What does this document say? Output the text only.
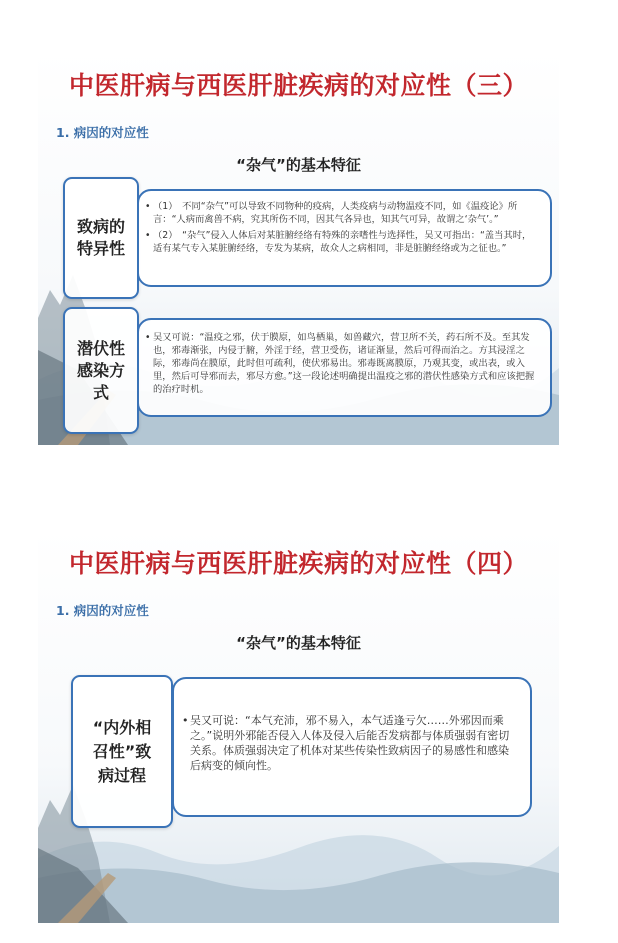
中医肝病与西医肝脏疾病的对应性（三）
1. 病因的对应性
“杂气”的基本特征
致病的特异性
• （1）　不同“杂气”可以导致不同物种的疫病，人类疫病与动物温疫不同，如《温疫论》所言：“人病而禽兽不病，究其所伤不同，因其气各异也，知其气可异，故谓之‘杂气’。”
• （2）　“杂气”侵入人体后对某脏腑经络有特殊的亲嗜性与选择性，吴又可指出：“盖当其时，适有某气专入某脏腑经络，专发为某病，故众人之病相同，非是脏腑经络或为之征也。”
潜伏性感染方式
• 吴又可说：“温疫之邪，伏于膜原，如鸟栖巢，如兽藏穴，营卫所不关，药石所不及。至其发也，邪毒渐张，内侵于腑，外淫于经，营卫受伤，诸证渐显，然后可得而治之。方其浸淫之际，邪毒尚在膜原，此时但可疏利，使伏邪易出。邪毒既离膜原，乃观其变，或出表，或入里，然后可导邪而去，邪尽方愈。”这一段论述明确提出温疫之邪的潜伏性感染方式和应该把握的治疗时机。
中医肝病与西医肝脏疾病的对应性（四）
1. 病因的对应性
“杂气”的基本特征
“内外相
召性”致
病过程
• 吴又可说：“本气充沛，邪不易入，本气适逢亏欠……外邪因而乘之。”说明外邪能否侵入人体及侵入后能否发病都与体质强弱有密切关系。体质强弱决定了机体对某些传染性致病因子的易感性和感染后病变的倾向性。
